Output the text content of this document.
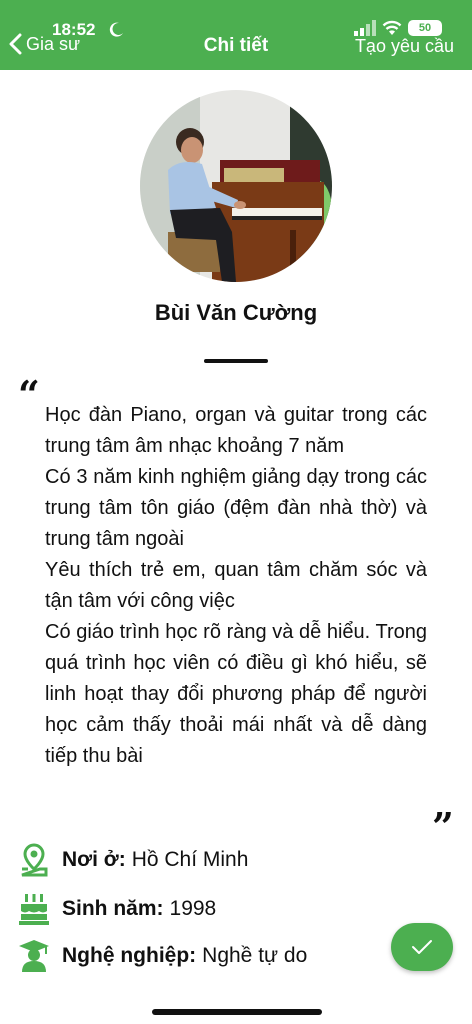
18:52	50
Gia sư	Chi tiết	Tạo yêu cầu
Bùi Văn Cường
“ Học đàn Piano, organ và guitar trong các trung tâm âm nhạc khoảng 7 năm
Có 3 năm kinh nghiệm giảng dạy trong các trung tâm tôn giáo (đệm đàn nhà thờ) và trung tâm ngoài
Yêu thích trẻ em, quan tâm chăm sóc và tận tâm với công việc
Có giáo trình học rõ ràng và dễ hiểu. Trong quá trình học viên có điều gì khó hiểu, sẽ linh hoạt thay đổi phương pháp để người học cảm thấy thoải mái nhất và dễ dàng tiếp thu bài
”
Nơi ở: Hồ Chí Minh
Sinh năm: 1998
Nghệ nghiệp: Nghề tự do
